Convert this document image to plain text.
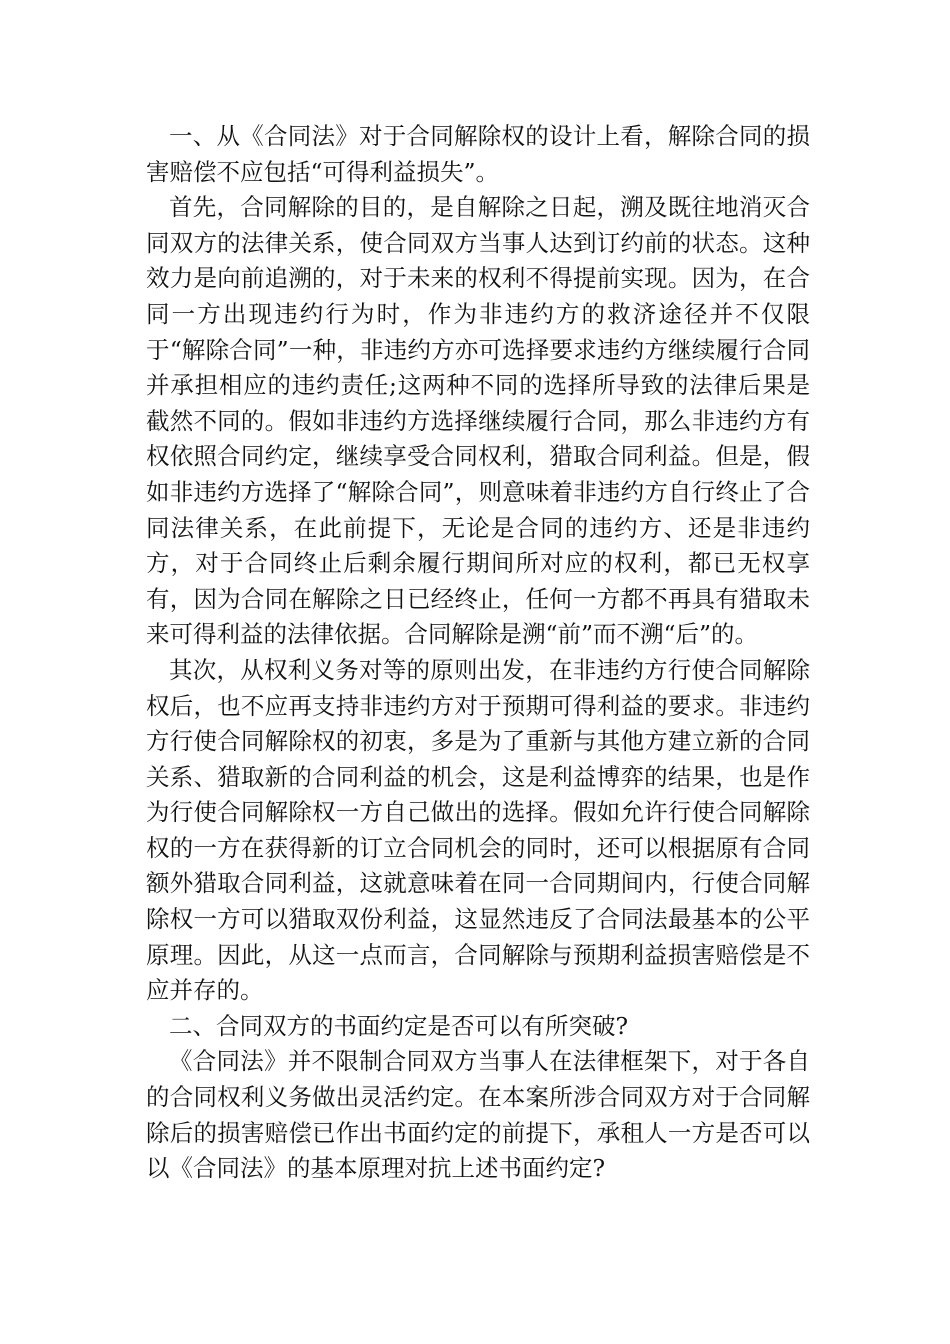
一、从《合同法》对于合同解除权的设计上看，解除合同的损害赔偿不应包括“可得利益损失”。

首先，合同解除的目的，是自解除之日起，溯及既往地消灭合同双方的法律关系，使合同双方当事人达到订约前的状态。这种效力是向前追溯的，对于未来的权利不得提前实现。因为，在合同一方出现违约行为时，作为非违约方的救济途径并不仅限于“解除合同”一种，非违约方亦可选择要求违约方继续履行合同并承担相应的违约责任;这两种不同的选择所导致的法律后果是截然不同的。假如非违约方选择继续履行合同，那么非违约方有权依照合同约定，继续享受合同权利，猎取合同利益。但是，假如非违约方选择了“解除合同”，则意味着非违约方自行终止了合同法律关系，在此前提下，无论是合同的违约方、还是非违约方，对于合同终止后剩余履行期间所对应的权利，都已无权享有，因为合同在解除之日已经终止，任何一方都不再具有猎取未来可得利益的法律依据。合同解除是溯“前”而不溯“后”的。

其次，从权利义务对等的原则出发，在非违约方行使合同解除权后，也不应再支持非违约方对于预期可得利益的要求。非违约方行使合同解除权的初衷，多是为了重新与其他方建立新的合同关系、猎取新的合同利益的机会，这是利益博弈的结果，也是作为行使合同解除权一方自己做出的选择。假如允许行使合同解除权的一方在获得新的订立合同机会的同时，还可以根据原有合同额外猎取合同利益，这就意味着在同一合同期间内，行使合同解除权一方可以猎取双份利益，这显然违反了合同法最基本的公平原理。因此，从这一点而言，合同解除与预期利益损害赔偿是不应并存的。

二、合同双方的书面约定是否可以有所突破?

《合同法》并不限制合同双方当事人在法律框架下，对于各自的合同权利义务做出灵活约定。在本案所涉合同双方对于合同解除后的损害赔偿已作出书面约定的前提下，承租人一方是否可以以《合同法》的基本原理对抗上述书面约定?
